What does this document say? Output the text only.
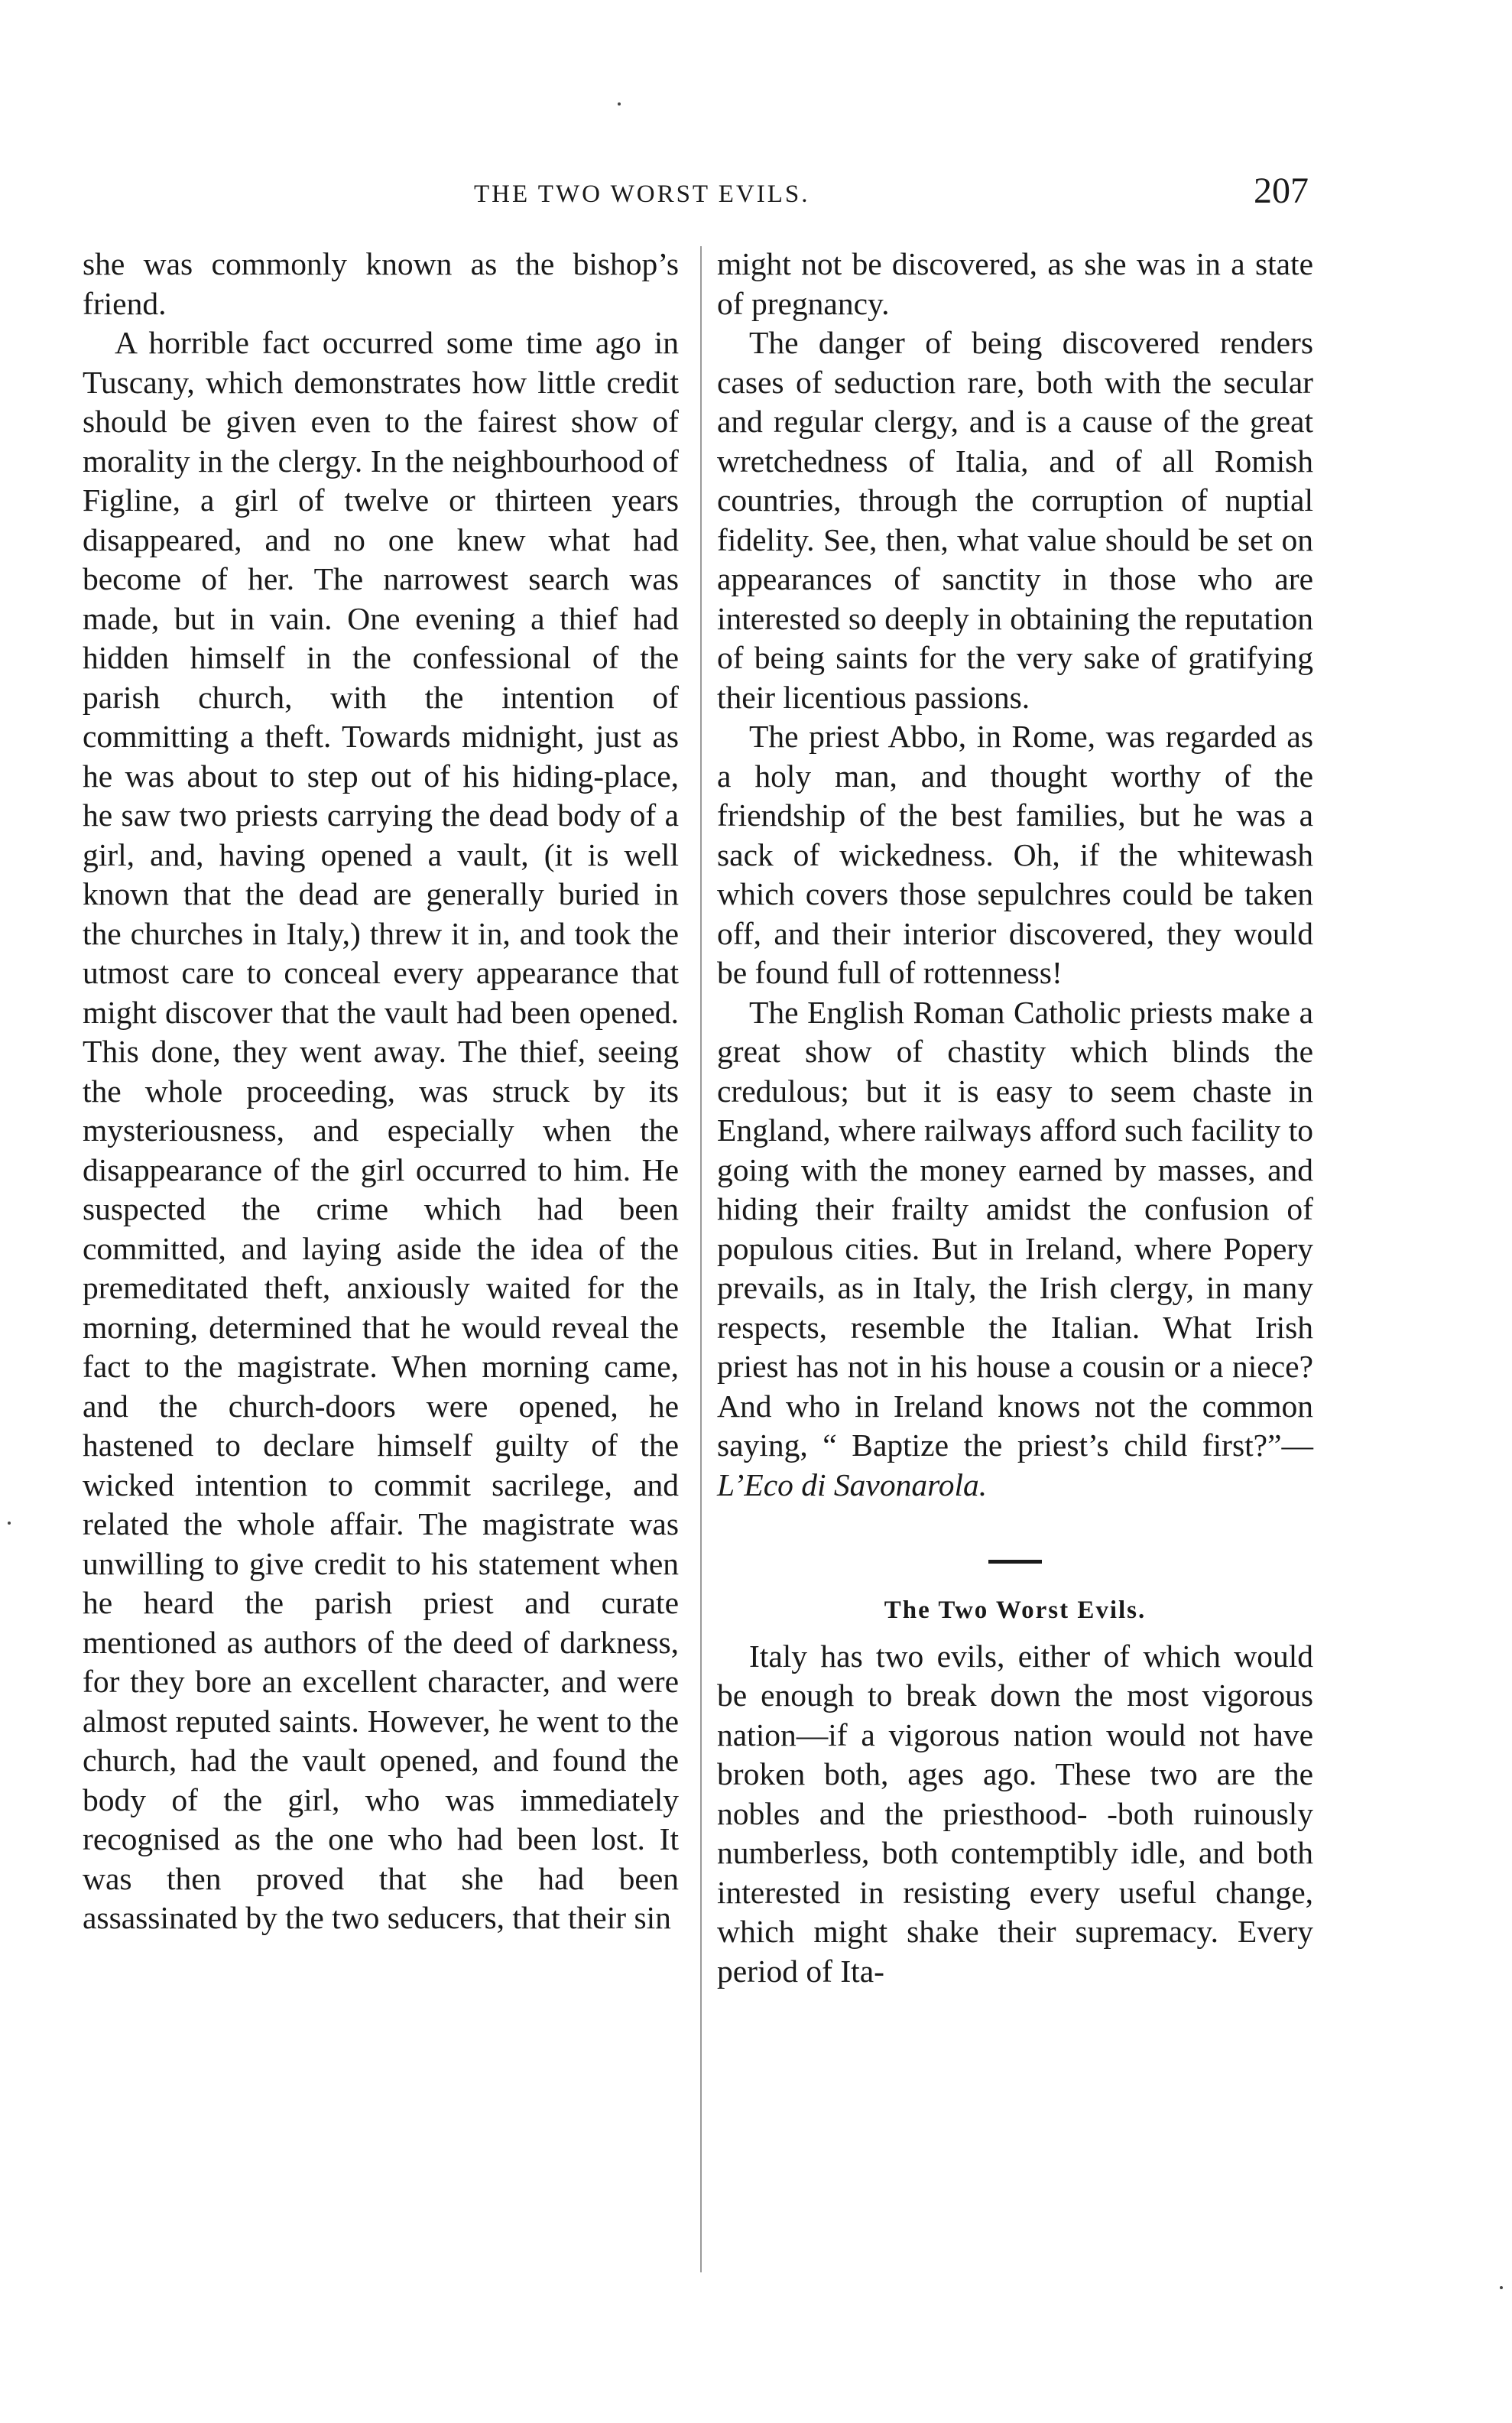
THE TWO WORST EVILS.	207

she was commonly known as the bishop’s friend.

A horrible fact occurred some time ago in Tuscany, which demonstrates how little credit should be given even to the fairest show of morality in the clergy. In the neighbourhood of Figline, a girl of twelve or thirteen years disappeared, and no one knew what had become of her. The narrowest search was made, but in vain. One evening a thief had hidden himself in the confessional of the parish church, with the intention of committing a theft. Towards midnight, just as he was about to step out of his hiding-place, he saw two priests carrying the dead body of a girl, and, having opened a vault, (it is well known that the dead are generally buried in the churches in Italy,) threw it in, and took the utmost care to conceal every appearance that might discover that the vault had been opened. This done, they went away. The thief, seeing the whole proceeding, was struck by its mysteriousness, and especially when the disappearance of the girl occurred to him. He suspected the crime which had been committed, and laying aside the idea of the premeditated theft, anxiously waited for the morning, determined that he would reveal the fact to the magistrate. When morning came, and the church-doors were opened, he hastened to declare himself guilty of the wicked intention to commit sacrilege, and related the whole affair. The magistrate was unwilling to give credit to his statement when he heard the parish priest and curate mentioned as authors of the deed of darkness, for they bore an excellent character, and were almost reputed saints. However, he went to the church, had the vault opened, and found the body of the girl, who was immediately recognised as the one who had been lost. It was then proved that she had been assassinated by the two seducers, that their sin

might not be discovered, as she was in a state of pregnancy.

The danger of being discovered renders cases of seduction rare, both with the secular and regular clergy, and is a cause of the great wretchedness of Italia, and of all Romish countries, through the corruption of nuptial fidelity. See, then, what value should be set on appearances of sanctity in those who are interested so deeply in obtaining the reputation of being saints for the very sake of gratifying their licentious passions.

The priest Abbo, in Rome, was regarded as a holy man, and thought worthy of the friendship of the best families, but he was a sack of wickedness. Oh, if the whitewash which covers those sepulchres could be taken off, and their interior discovered, they would be found full of rottenness!

The English Roman Catholic priests make a great show of chastity which blinds the credulous; but it is easy to seem chaste in England, where railways afford such facility to going with the money earned by masses, and hiding their frailty amidst the confusion of populous cities. But in Ireland, where Popery prevails, as in Italy, the Irish clergy, in many respects, resemble the Italian. What Irish priest has not in his house a cousin or a niece? And who in Ireland knows not the common saying, “ Baptize the priest’s child first?”— L’Eco di Savonarola.

The Two Worst Evils.

Italy has two evils, either of which would be enough to break down the most vigorous nation—if a vigorous nation would not have broken both, ages ago. These two are the nobles and the priesthood- -both ruinously numberless, both contemptibly idle, and both interested in resisting every useful change, which might shake their supremacy. Every period of Ita-
